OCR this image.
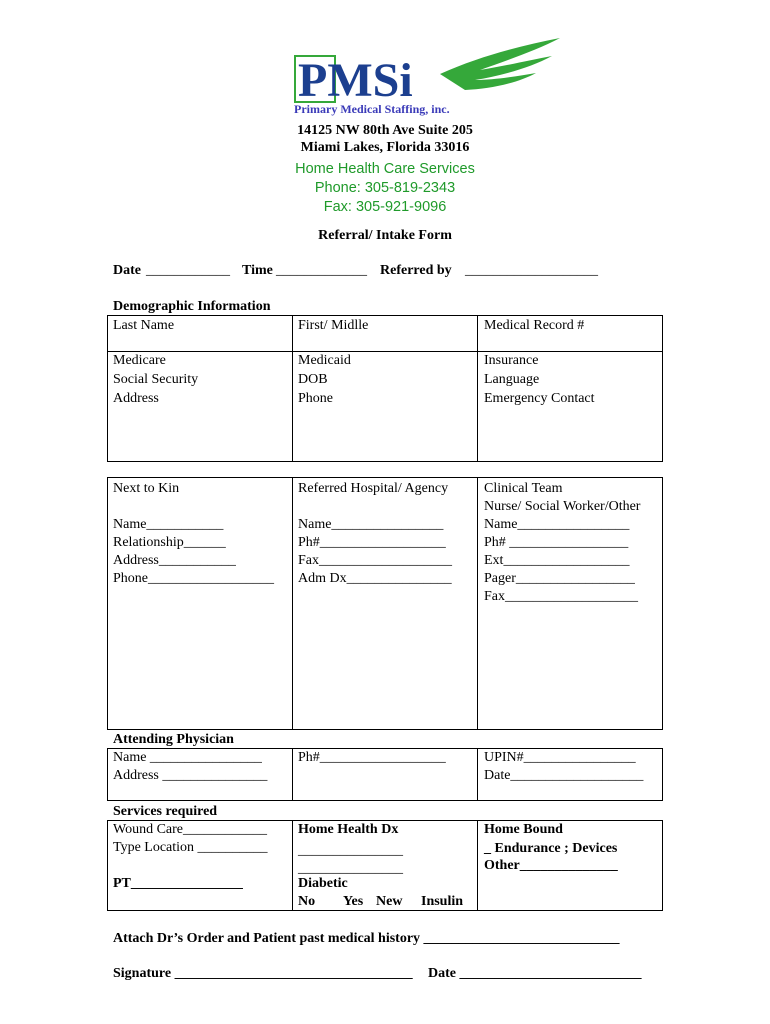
PMSi
Primary Medical Staffing, inc.
14125 NW 80th Ave Suite 205
Miami Lakes, Florida 33016
Home Health Care Services
Phone: 305-819-2343
Fax: 305-921-9096
Referral/ Intake Form
Date ____________ Time _____________ Referred by ___________________
Demographic Information
Last Name
Medicare
Social Security
Address
First/ Midlle
Medicaid
DOB
Phone
Medical Record #
Insurance
Language
Emergency Contact
Next to Kin
Name___________
Relationship______
Address___________
Phone__________________
Referred Hospital/ Agency
Name________________
Ph#__________________
Fax___________________
Adm Dx_______________
Clinical Team
Nurse/ Social Worker/Other
Name________________
Ph# _________________
Ext__________________
Pager_________________
Fax___________________
Attending Physician
Name ________________
Address _______________
Ph#__________________	UPIN#________________
Date___________________
Services required
Wound Care____________
Type Location __________
PT________________
Home Health Dx
_______________
_______________
Diabetic
No Yes New Insulin
Home Bound
_ Endurance ; Devices
Other______________
Attach Dr’s Order and Patient past medical history ____________________________
Signature __________________________________ Date __________________________
